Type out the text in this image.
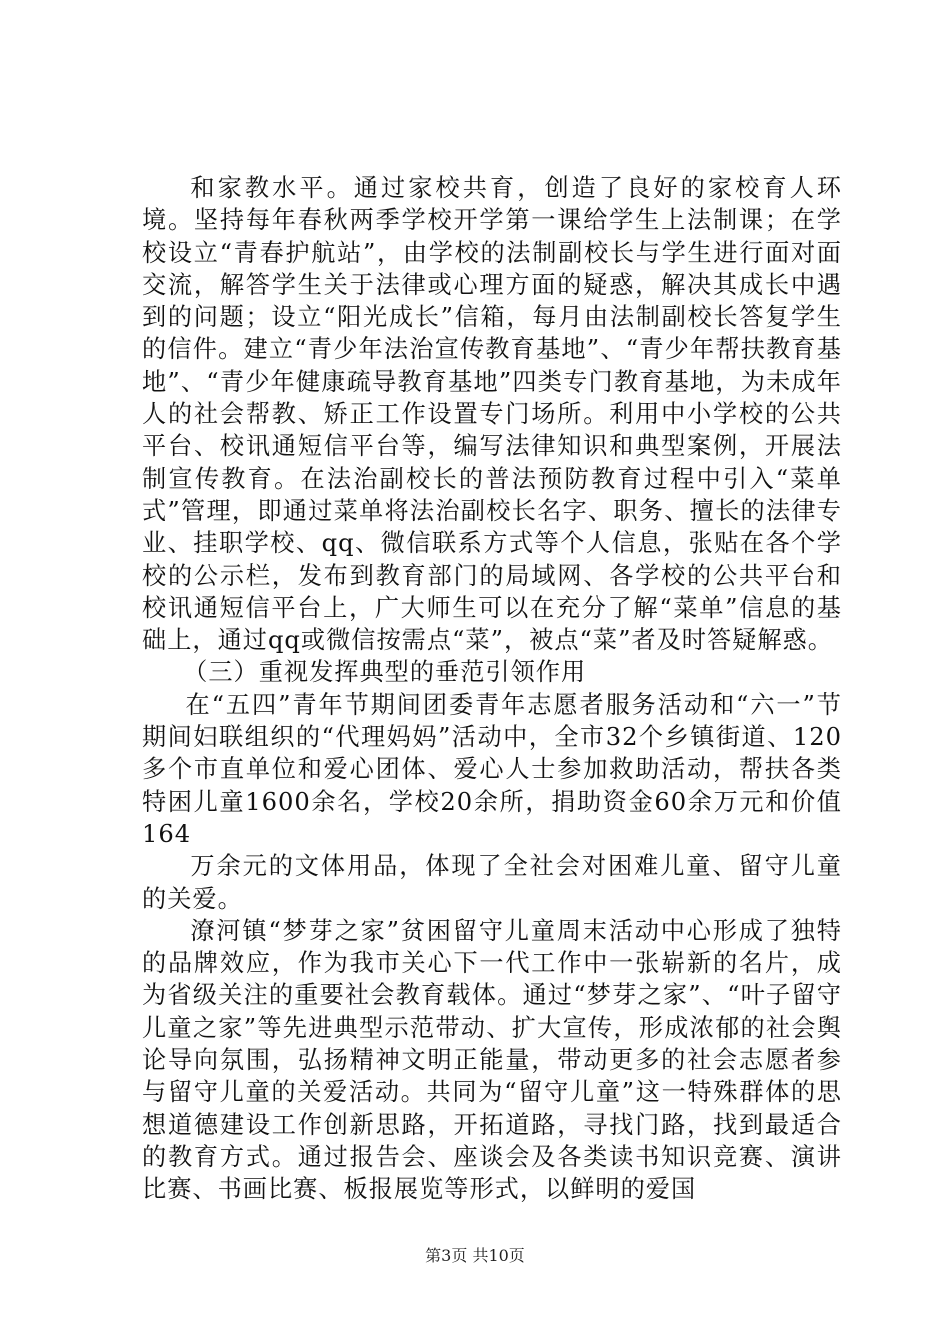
和家教水平。通过家校共育，创造了良好的家校育人环境。坚持每年春秋两季学校开学第一课给学生上法制课；在学校设立“青春护航站”，由学校的法制副校长与学生进行面对面交流，解答学生关于法律或心理方面的疑惑，解决其成长中遇到的问题；设立“阳光成长”信箱，每月由法制副校长答复学生的信件。建立“青少年法治宣传教育基地”、“青少年帮扶教育基地”、“青少年健康疏导教育基地”四类专门教育基地，为未成年人的社会帮教、矫正工作设置专门场所。利用中小学校的公共平台、校讯通短信平台等，编写法律知识和典型案例，开展法制宣传教育。在法治副校长的普法预防教育过程中引入“菜单式”管理，即通过菜单将法治副校长名字、职务、擅长的法律专业、挂职学校、qq、微信联系方式等个人信息，张贴在各个学校的公示栏，发布到教育部门的局域网、各学校的公共平台和校讯通短信平台上，广大师生可以在充分了解“菜单”信息的基础上，通过qq或微信按需点“菜”，被点“菜”者及时答疑解惑。

（三）重视发挥典型的垂范引领作用

在“五四”青年节期间团委青年志愿者服务活动和“六一”节期间妇联组织的“代理妈妈”活动中，全市32个乡镇街道、120多个市直单位和爱心团体、爱心人士参加救助活动，帮扶各类特困儿童1600余名，学校20余所，捐助资金60余万元和价值164

万余元的文体用品，体现了全社会对困难儿童、留守儿童的关爱。

潦河镇“梦芽之家”贫困留守儿童周末活动中心形成了独特的品牌效应，作为我市关心下一代工作中一张崭新的名片，成为省级关注的重要社会教育载体。通过“梦芽之家”、“叶子留守儿童之家”等先进典型示范带动、扩大宣传，形成浓郁的社会舆论导向氛围，弘扬精神文明正能量，带动更多的社会志愿者参与留守儿童的关爱活动。共同为“留守儿童”这一特殊群体的思想道德建设工作创新思路，开拓道路，寻找门路，找到最适合的教育方式。通过报告会、座谈会及各类读书知识竞赛、演讲比赛、书画比赛、板报展览等形式，以鲜明的爱国

第3页 共10页
